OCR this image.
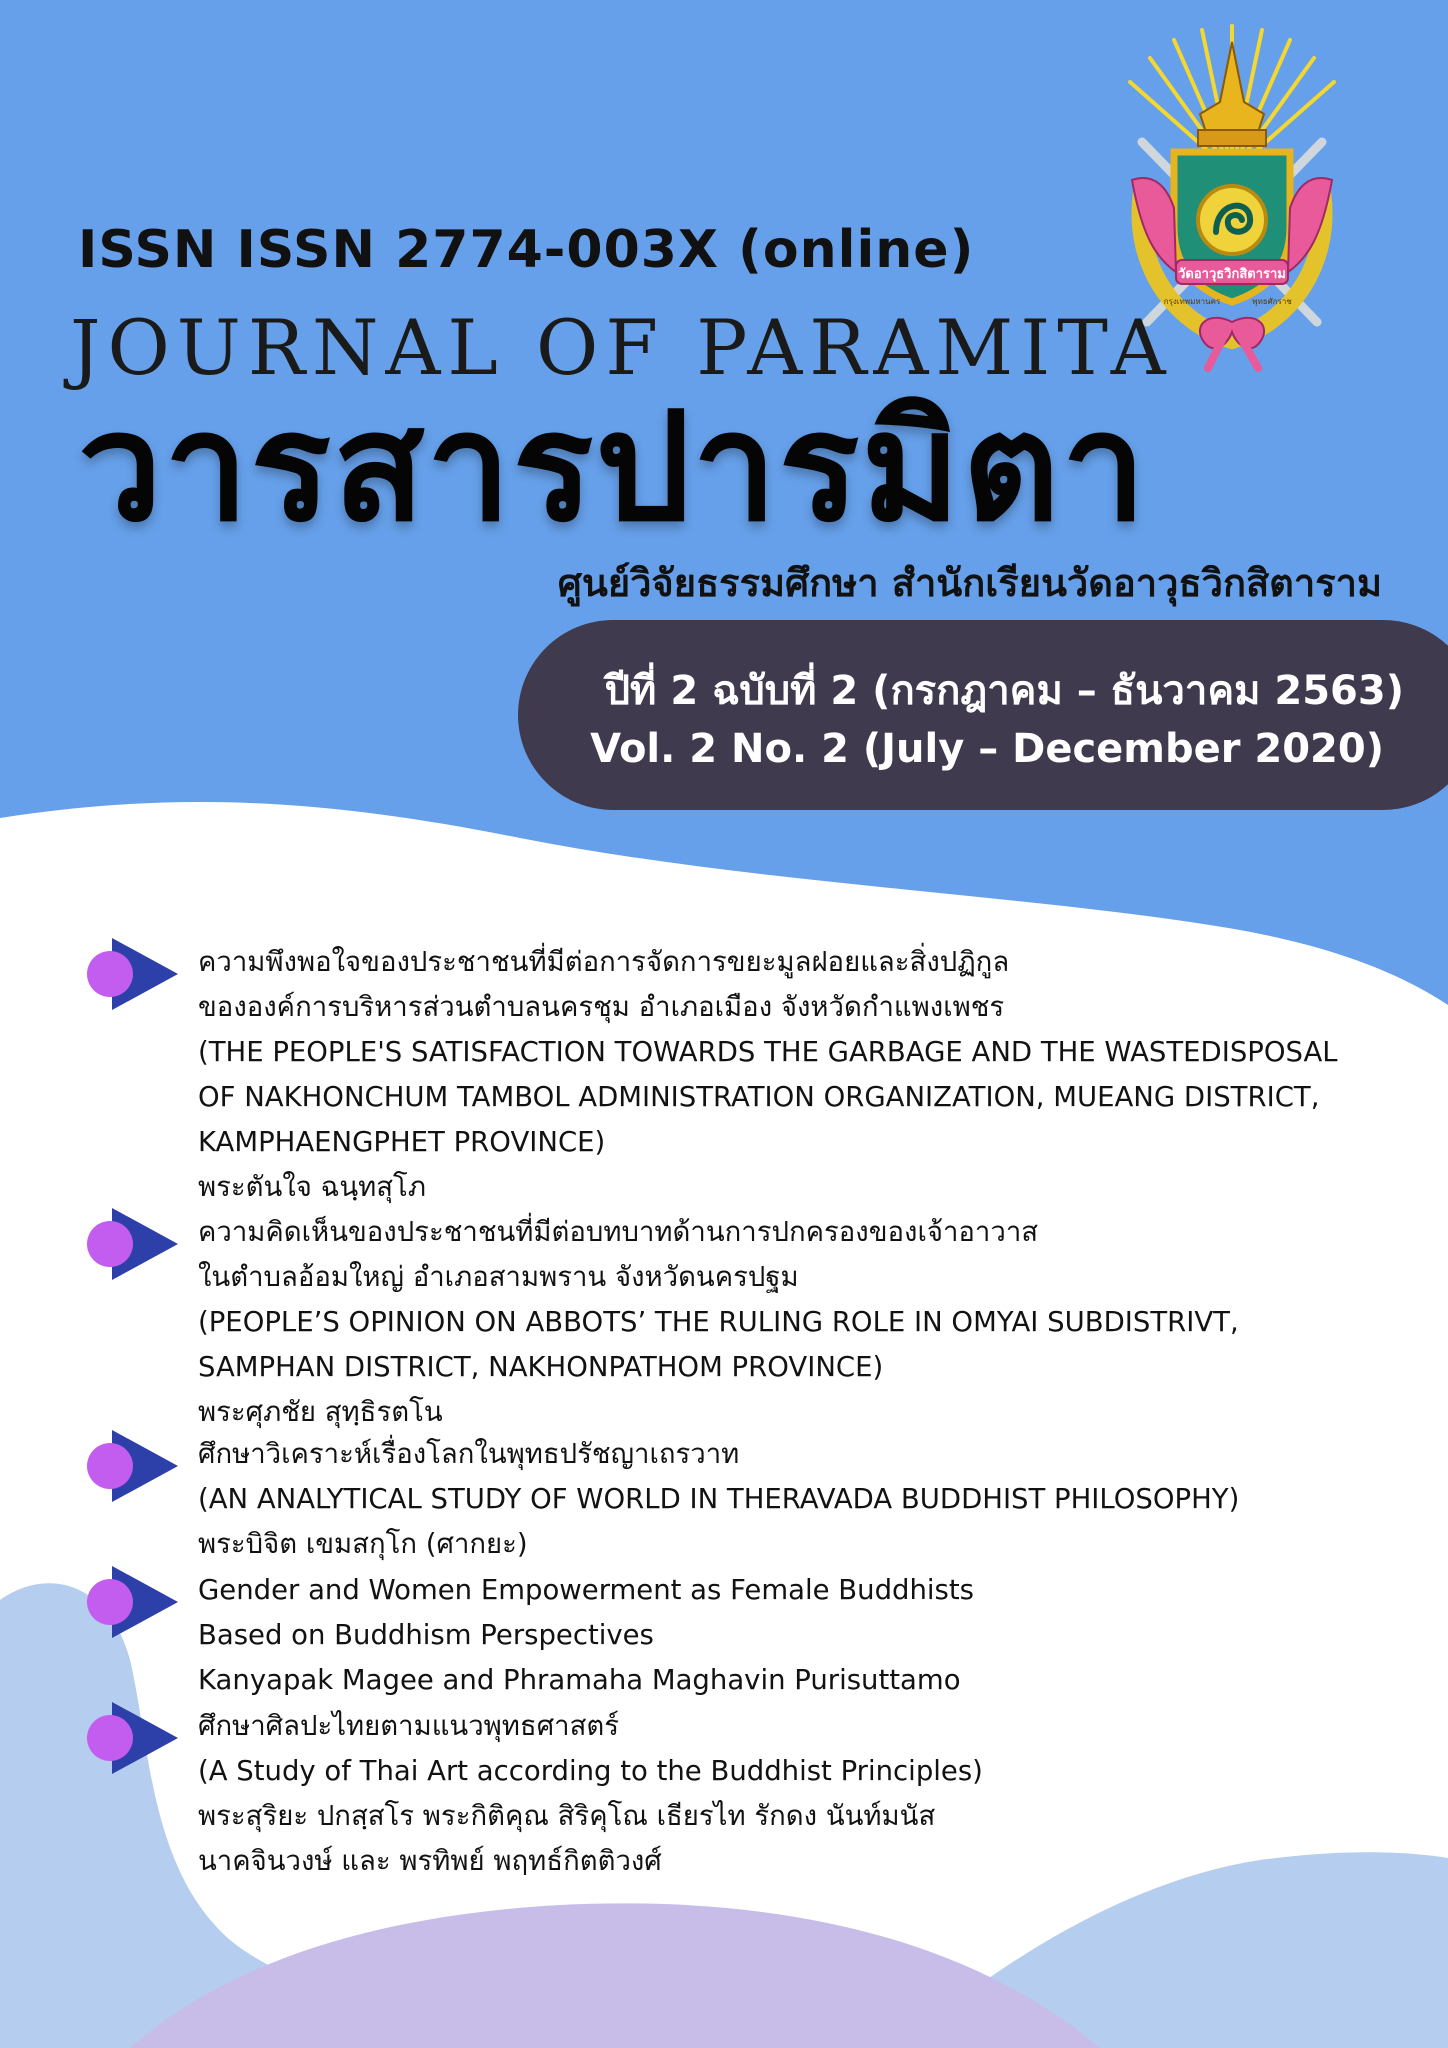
วัดอาวุธวิกสิตาราม
กรุงเทพมหานคร	พุทธศักราช
ISSN ISSN 2774-003X (online)
JOURNAL OF PARAMITA
วารสารปารมิตา
ศูนย์วิจัยธรรมศึกษา สำนักเรียนวัดอาวุธวิกสิตาราม
ปีที่ 2 ฉบับที่ 2 (กรกฎาคม – ธันวาคม 2563)
Vol. 2 No. 2 (July – December 2020)
ความพึงพอใจของประชาชนที่มีต่อการจัดการขยะมูลฝอยและสิ่งปฏิกูล
ขององค์การบริหารส่วนตำบลนครชุม อำเภอเมือง จังหวัดกำแพงเพชร
(THE PEOPLE'S SATISFACTION TOWARDS THE GARBAGE AND THE WASTEDISPOSAL
OF NAKHONCHUM TAMBOL ADMINISTRATION ORGANIZATION, MUEANG DISTRICT,
KAMPHAENGPHET PROVINCE)
พระตันใจ ฉนฺทสุโภ
ความคิดเห็นของประชาชนที่มีต่อบทบาทด้านการปกครองของเจ้าอาวาส
ในตำบลอ้อมใหญ่ อำเภอสามพราน จังหวัดนครปฐม
(PEOPLE’S OPINION ON ABBOTS’ THE RULING ROLE IN OMYAI SUBDISTRIVT,
SAMPHAN DISTRICT, NAKHONPATHOM PROVINCE)
พระศุภชัย สุทฺธิรตโน
ศึกษาวิเคราะห์เรื่องโลกในพุทธปรัชญาเถรวาท
(AN ANALYTICAL STUDY OF WORLD IN THERAVADA BUDDHIST PHILOSOPHY)
พระบิจิต เขมสกุโก (ศากยะ)
Gender and Women Empowerment as Female Buddhists
Based on Buddhism Perspectives
Kanyapak Magee and Phramaha Maghavin Purisuttamo
ศึกษาศิลปะไทยตามแนวพุทธศาสตร์
(A Study of Thai Art according to the Buddhist Principles)
พระสุริยะ ปกสฺสโร พระกิติคุณ สิริคุโณ เธียรไท รักดง นันท์มนัส
นาคจินวงษ์ และ พรทิพย์ พฤทธ์กิตติวงศ์
